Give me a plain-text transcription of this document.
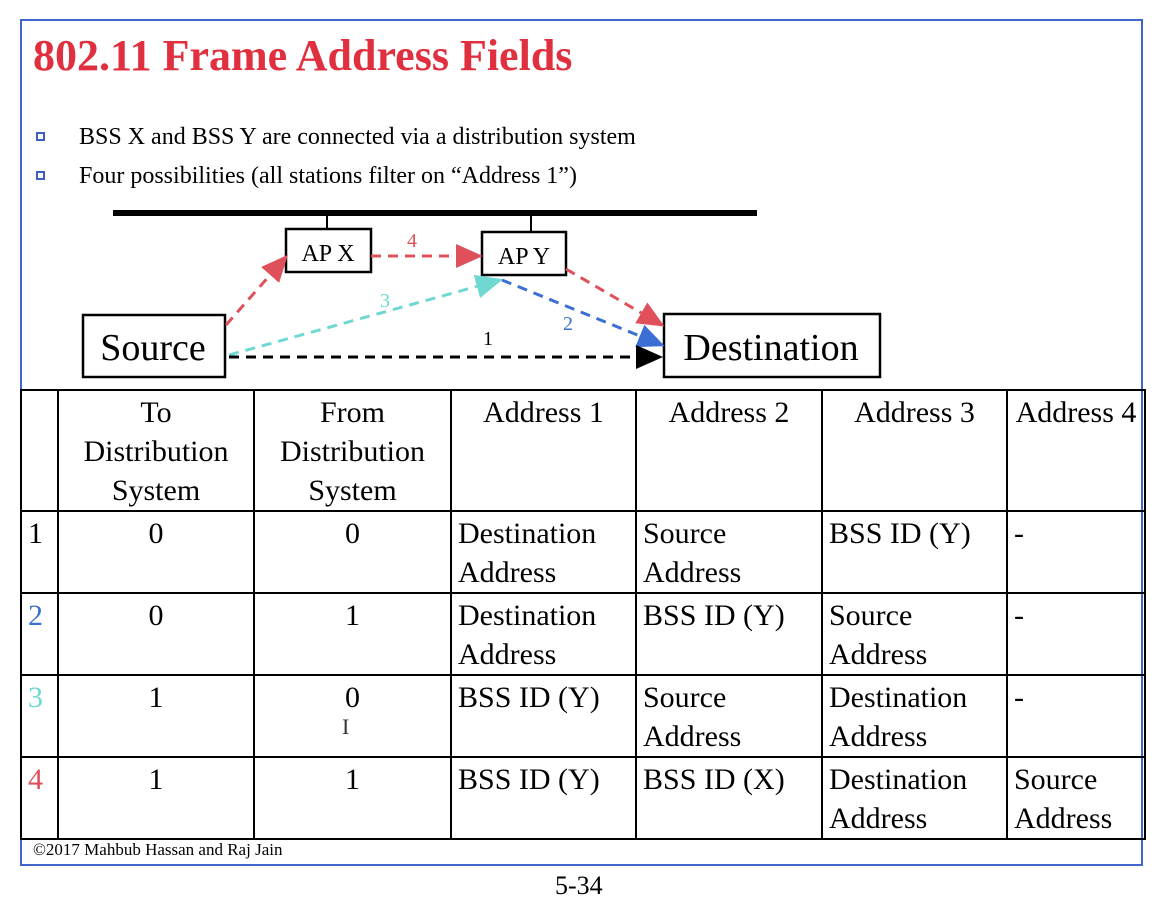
802.11 Frame Address Fields
BSS X and BSS Y are connected via a distribution system
Four possibilities (all stations filter on “Address 1”)
AP X	AP Y
Source	Destination
4
3
2
1
	To Distribution System	From Distribution System	Address 1	Address 2	Address 3	Address 4
1	0	0	Destination Address	Source Address	BSS ID (Y)	-
2	0	1	Destination Address	BSS ID (Y)	Source Address	-
3	1	0	BSS ID (Y)	Source Address	Destination Address	-
4	1	1	BSS ID (Y)	BSS ID (X)	Destination Address	Source Address
I
©2017 Mahbub Hassan and Raj Jain
5-34
